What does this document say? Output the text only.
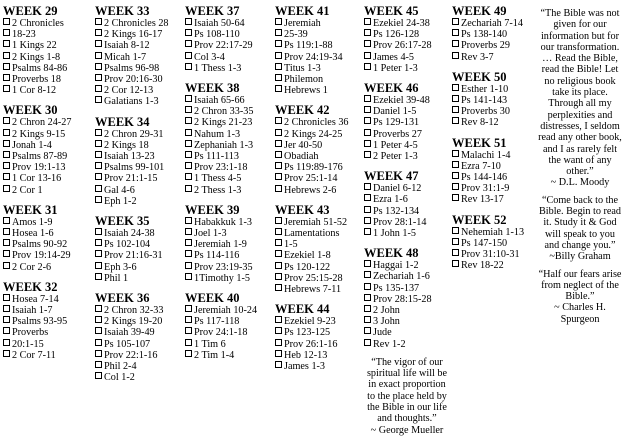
WEEK 29
2 Chronicles
18-23
1 Kings 22
2 Kings 1-8
Psalms 84-86
Proverbs 18
1 Cor 8-12
WEEK 30
2 Chron 24-27
2 Kings 9-15
Jonah 1-4
Psalms 87-89
Prov 19:1-13
1 Cor 13-16
2 Cor 1
WEEK 31
Amos 1-9
Hosea 1-6
Psalms 90-92
Prov 19:14-29
2 Cor 2-6
WEEK 32
Hosea 7-14
Isaiah 1-7
Psalms 93-95
Proverbs
20:1-15
2 Cor 7-11
WEEK 33
2 Chronicles 28
2 Kings 16-17
Isaiah 8-12
Micah 1-7
Psalms 96-98
Prov 20:16-30
2 Cor 12-13
Galatians 1-3
WEEK 34
2 Chron 29-31
2 Kings 18
Isaiah 13-23
Psalms 99-101
Prov 21:1-15
Gal 4-6
Eph 1-2
WEEK 35
Isaiah 24-38
Ps 102-104
Prov 21:16-31
Eph 3-6
Phil 1
WEEK 36
2 Chron 32-33
2 Kings 19-20
Isaiah 39-49
Ps 105-107
Prov 22:1-16
Phil 2-4
Col 1-2
WEEK 37
Isaiah 50-64
Ps 108-110
Prov 22:17-29
Col 3-4
1 Thess 1-3
WEEK 38
Isaiah 65-66
2 Chron 33-35
2 Kings 21-23
Nahum 1-3
Zephaniah 1-3
Ps 111-113
Prov 23:1-18
1 Thess 4-5
2 Thess 1-3
WEEK 39
Habakkuk 1-3
Joel 1-3
Jeremiah 1-9
Ps 114-116
Prov 23:19-35
1Timothy 1-5
WEEK 40
Jeremiah 10-24
Ps 117-118
Prov 24:1-18
1 Tim 6
2 Tim 1-4
WEEK 41
Jeremiah
25-39
Ps 119:1-88
Prov 24:19-34
Titus 1-3
Philemon
Hebrews 1
WEEK 42
2 Chronicles 36
2 Kings 24-25
Jer 40-50
Obadiah
Ps 119:89-176
Prov 25:1-14
Hebrews 2-6
WEEK 43
Jeremiah 51-52
Lamentations
1-5
Ezekiel 1-8
Ps 120-122
Prov 25:15-28
Hebrews 7-11
WEEK 44
Ezekiel 9-23
Ps 123-125
Prov 26:1-16
Heb 12-13
James 1-3
WEEK 45
Ezekiel 24-38
Ps 126-128
Prov 26:17-28
James 4-5
1 Peter 1-3
WEEK 46
Ezekiel 39-48
Daniel 1-5
Ps 129-131
Proverbs 27
1 Peter 4-5
2 Peter 1-3
WEEK 47
Daniel 6-12
Ezra 1-6
Ps 132-134
Prov 28:1-14
1 John 1-5
WEEK 48
Haggai 1-2
Zechariah 1-6
Ps 135-137
Prov 28:15-28
2 John
3 John
Jude
Rev 1-2
“The vigor of our spiritual life will be in exact proportion to the place held by the Bible in our life and thoughts.”
~ George Mueller
WEEK 49
Zechariah 7-14
Ps 138-140
Proverbs 29
Rev 3-7
WEEK 50
Esther 1-10
Ps 141-143
Proverbs 30
Rev 8-12
WEEK 51
Malachi 1-4
Ezra 7-10
Ps 144-146
Prov 31:1-9
Rev 13-17
WEEK 52
Nehemiah 1-13
Ps 147-150
Prov 31:10-31
Rev 18-22
“The Bible was not given for our information but for our transformation. … Read the Bible, read the Bible! Let no religious book take its place. Through all my perplexities and distresses, I seldom read any other book, and I as rarely felt the want of any other.”
~ D.L. Moody
“Come back to the Bible. Begin to read it. Study it & God will speak to you and change you.”
~Billy Graham
“Half our fears arise from neglect of the Bible.”
~ Charles H. Spurgeon
